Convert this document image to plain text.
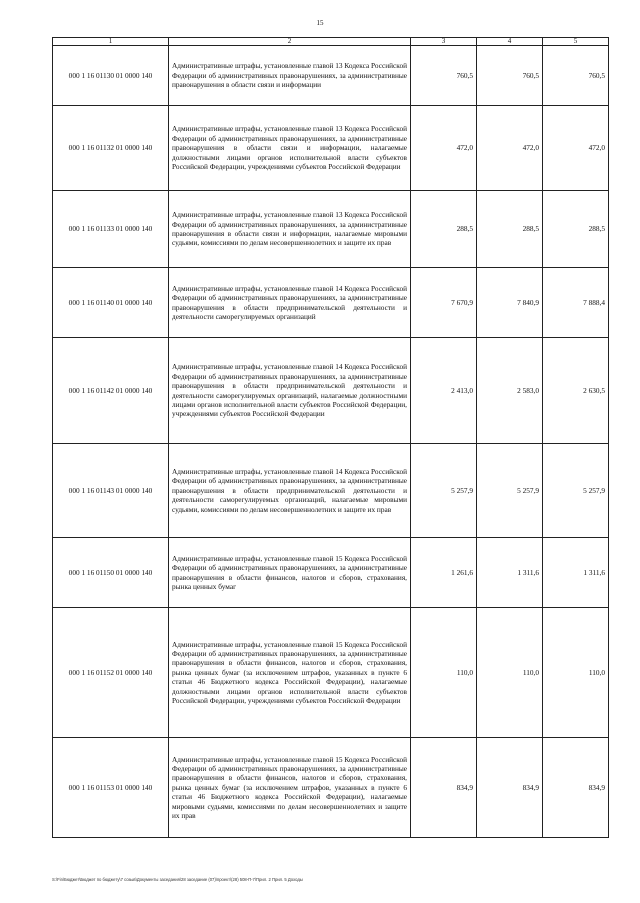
15
1	2	3	4	5
000 1 16 01130 01 0000 140	Административные штрафы, установленные главой 13 Кодекса Российской Федерации об административных правонарушениях, за административные правонарушения в области связи и информации	760,5	760,5	760,5
000 1 16 01132 01 0000 140	Административные штрафы, установленные главой 13 Кодекса Российской Федерации об административных правонарушениях, за административные правонарушения в области связи и информации, налагаемые должностными лицами органов исполнительной власти субъектов Российской Федерации, учреждениями субъектов Российской Федерации	472,0	472,0	472,0
000 1 16 01133 01 0000 140	Административные штрафы, установленные главой 13 Кодекса Российской Федерации об административных правонарушениях, за административные правонарушения в области связи и информации, налагаемые мировыми судьями, комиссиями по делам несовершеннолетних и защите их прав	288,5	288,5	288,5
000 1 16 01140 01 0000 140	Административные штрафы, установленные главой 14 Кодекса Российской Федерации об административных правонарушениях, за административные правонарушения в области предпринимательской деятельности и деятельности саморегулируемых организаций	7 670,9	7 840,9	7 888,4
000 1 16 01142 01 0000 140	Административные штрафы, установленные главой 14 Кодекса Российской Федерации об административных правонарушениях, за административные правонарушения в области предпринимательской деятельности и деятельности саморегулируемых организаций, налагаемые должностными лицами органов исполнительной власти субъектов Российской Федерации, учреждениями субъектов Российской Федерации	2 413,0	2 583,0	2 630,5
000 1 16 01143 01 0000 140	Административные штрафы, установленные главой 14 Кодекса Российской Федерации об административных правонарушениях, за административные правонарушения в области предпринимательской деятельности и деятельности саморегулируемых организаций, налагаемые мировыми судьями, комиссиями по делам несовершеннолетних и защите их прав	5 257,9	5 257,9	5 257,9
000 1 16 01150 01 0000 140	Административные штрафы, установленные главой 15 Кодекса Российской Федерации об административных правонарушениях, за административные правонарушения в области финансов, налогов и сборов, страхования, рынка ценных бумаг	1 261,6	1 311,6	1 311,6
000 1 16 01152 01 0000 140	Административные штрафы, установленные главой 15 Кодекса Российской Федерации об административных правонарушениях, за административные правонарушения в области финансов, налогов и сборов, страхования, рынка ценных бумаг (за исключением штрафов, указанных в пункте 6 статьи 46 Бюджетного кодекса Российской Федерации), налагаемые должностными лицами органов исполнительной власти субъектов Российской Федерации, учреждениями субъектов Российской Федерации	110,0	110,0	110,0
000 1 16 01153 01 0000 140	Административные штрафы, установленные главой 15 Кодекса Российской Федерации об административных правонарушениях, за административные правонарушения в области финансов, налогов и сборов, страхования, рынка ценных бумаг (за исключением штрафов, указанных в пункте 6 статьи 46 Бюджетного кодекса Российской Федерации), налагаемые мировыми судьями, комиссиями по делам несовершеннолетних и защите их прав	834,9	834,9	834,9
S:\Fin\Бюджет\Бюджет по бюджету\7 созыв\Документы заседания\28 заседание (07)\проект\(28) 508-П-7\Прил. 2 Прил. 5 Доходы
